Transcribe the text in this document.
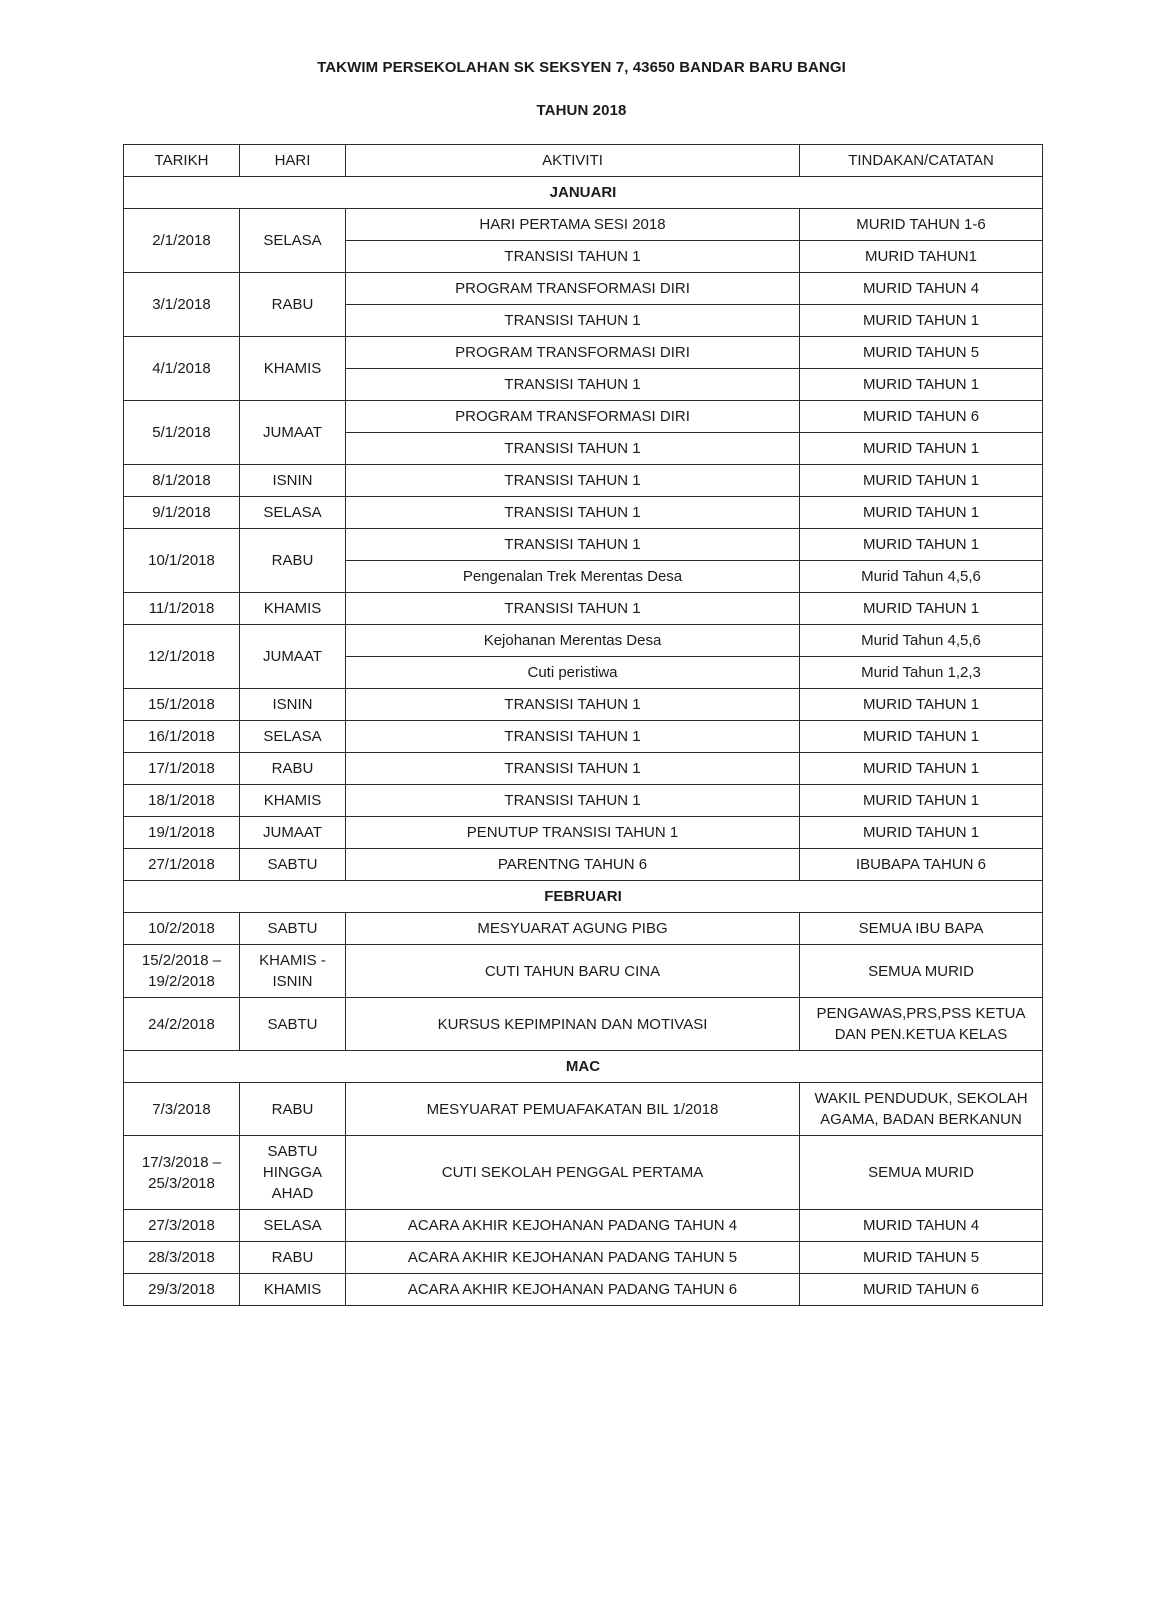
TAKWIM PERSEKOLAHAN SK SEKSYEN 7, 43650 BANDAR BARU BANGI
TAHUN 2018
TARIKH	HARI	AKTIVITI	TINDAKAN/CATATAN
JANUARI			
2/1/2018	SELASA	HARI PERTAMA SESI 2018	MURID TAHUN 1-6
		TRANSISI TAHUN 1	MURID TAHUN1
3/1/2018	RABU	PROGRAM TRANSFORMASI DIRI	MURID TAHUN 4
		TRANSISI TAHUN 1	MURID TAHUN 1
4/1/2018	KHAMIS	PROGRAM TRANSFORMASI DIRI	MURID TAHUN 5
		TRANSISI TAHUN 1	MURID TAHUN 1
5/1/2018	JUMAAT	PROGRAM TRANSFORMASI DIRI	MURID TAHUN 6
		TRANSISI TAHUN 1	MURID TAHUN 1
8/1/2018	ISNIN	TRANSISI TAHUN 1	MURID TAHUN 1
9/1/2018	SELASA	TRANSISI TAHUN 1	MURID TAHUN 1
10/1/2018	RABU	TRANSISI TAHUN 1	MURID TAHUN 1
		Pengenalan Trek Merentas Desa	Murid Tahun 4,5,6
11/1/2018	KHAMIS	TRANSISI TAHUN 1	MURID TAHUN 1
12/1/2018	JUMAAT	Kejohanan Merentas Desa	Murid Tahun 4,5,6
		Cuti peristiwa	Murid Tahun 1,2,3
15/1/2018	ISNIN	TRANSISI TAHUN 1	MURID TAHUN 1
16/1/2018	SELASA	TRANSISI TAHUN 1	MURID TAHUN 1
17/1/2018	RABU	TRANSISI TAHUN 1	MURID TAHUN 1
18/1/2018	KHAMIS	TRANSISI TAHUN 1	MURID TAHUN 1
19/1/2018	JUMAAT	PENUTUP TRANSISI TAHUN 1	MURID TAHUN 1
27/1/2018	SABTU	PARENTNG TAHUN 6	IBUBAPA TAHUN 6
FEBRUARI			
10/2/2018	SABTU	MESYUARAT AGUNG PIBG	SEMUA IBU BAPA
15/2/2018 – 19/2/2018	KHAMIS - ISNIN	CUTI TAHUN BARU CINA	SEMUA MURID
24/2/2018	SABTU	KURSUS KEPIMPINAN DAN MOTIVASI	PENGAWAS,PRS,PSS KETUA DAN PEN.KETUA KELAS
MAC			
7/3/2018	RABU	MESYUARAT PEMUAFAKATAN BIL 1/2018	WAKIL PENDUDUK, SEKOLAH AGAMA, BADAN BERKANUN
17/3/2018 – 25/3/2018	SABTU HINGGA AHAD	CUTI SEKOLAH PENGGAL PERTAMA	SEMUA MURID
27/3/2018	SELASA	ACARA AKHIR KEJOHANAN PADANG TAHUN 4	MURID TAHUN 4
28/3/2018	RABU	ACARA AKHIR KEJOHANAN PADANG TAHUN 5	MURID TAHUN 5
29/3/2018	KHAMIS	ACARA AKHIR KEJOHANAN PADANG TAHUN 6	MURID TAHUN 6
